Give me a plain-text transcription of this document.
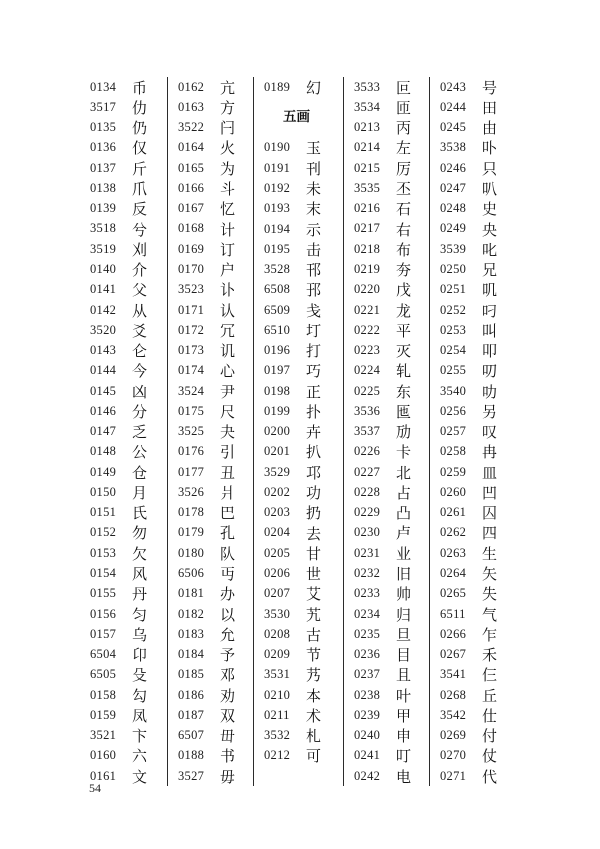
0134	币
3517	仂
0135	仍
0136	仅
0137	斤
0138	爪
0139	反
3518	兮
3519	刈
0140	介
0141	父
0142	从
3520	爻
0143	仑
0144	今
0145	凶
0146	分
0147	乏
0148	公
0149	仓
0150	月
0151	氏
0152	勿
0153	欠
0154	风
0155	丹
0156	匀
0157	乌
6504	卬
6505	殳
0158	勾
0159	凤
3521	卞
0160	六
0161	文
0162	亢
0163	方
3522	闩
0164	火
0165	为
0166	斗
0167	忆
0168	计
0169	订
0170	户
3523	讣
0171	认
0172	冗
0173	讥
0174	心
3524	尹
0175	尺
3525	夬
0176	引
0177	丑
3526	爿
0178	巴
0179	孔
0180	队
6506	丏
0181	办
0182	以
0183	允
0184	予
0185	邓
0186	劝
0187	双
6507	毌
0188	书
3527	毋
0189	幻
五画
0190	玉
0191	刊
0192	未
0193	末
0194	示
0195	击
3528	邗
6508	邘
6509	戋
6510	圢
0196	打
0197	巧
0198	正
0199	扑
0200	卉
0201	扒
3529	邛
0202	功
0203	扔
0204	去
0205	甘
0206	世
0207	艾
3530	艽
0208	古
0209	节
3531	艿
0210	本
0211	术
3532	札
0212	可
3533	叵
3534	匝
0213	丙
0214	左
0215	厉
3535	丕
0216	石
0217	右
0218	布
0219	夯
0220	戊
0221	龙
0222	平
0223	灭
0224	轧
0225	东
3536	匜
3537	劢
0226	卡
0227	北
0228	占
0229	凸
0230	卢
0231	业
0232	旧
0233	帅
0234	归
0235	旦
0236	目
0237	且
0238	叶
0239	甲
0240	申
0241	叮
0242	电
0243	号
0244	田
0245	由
3538	卟
0246	只
0247	叭
0248	史
0249	央
3539	叱
0250	兄
0251	叽
0252	叼
0253	叫
0254	叩
0255	叨
3540	叻
0256	另
0257	叹
0258	冉
0259	皿
0260	凹
0261	囚
0262	四
0263	生
0264	矢
0265	失
6511	气
0266	乍
0267	禾
3541	仨
0268	丘
3542	仕
0269	付
0270	仗
0271	代
54
